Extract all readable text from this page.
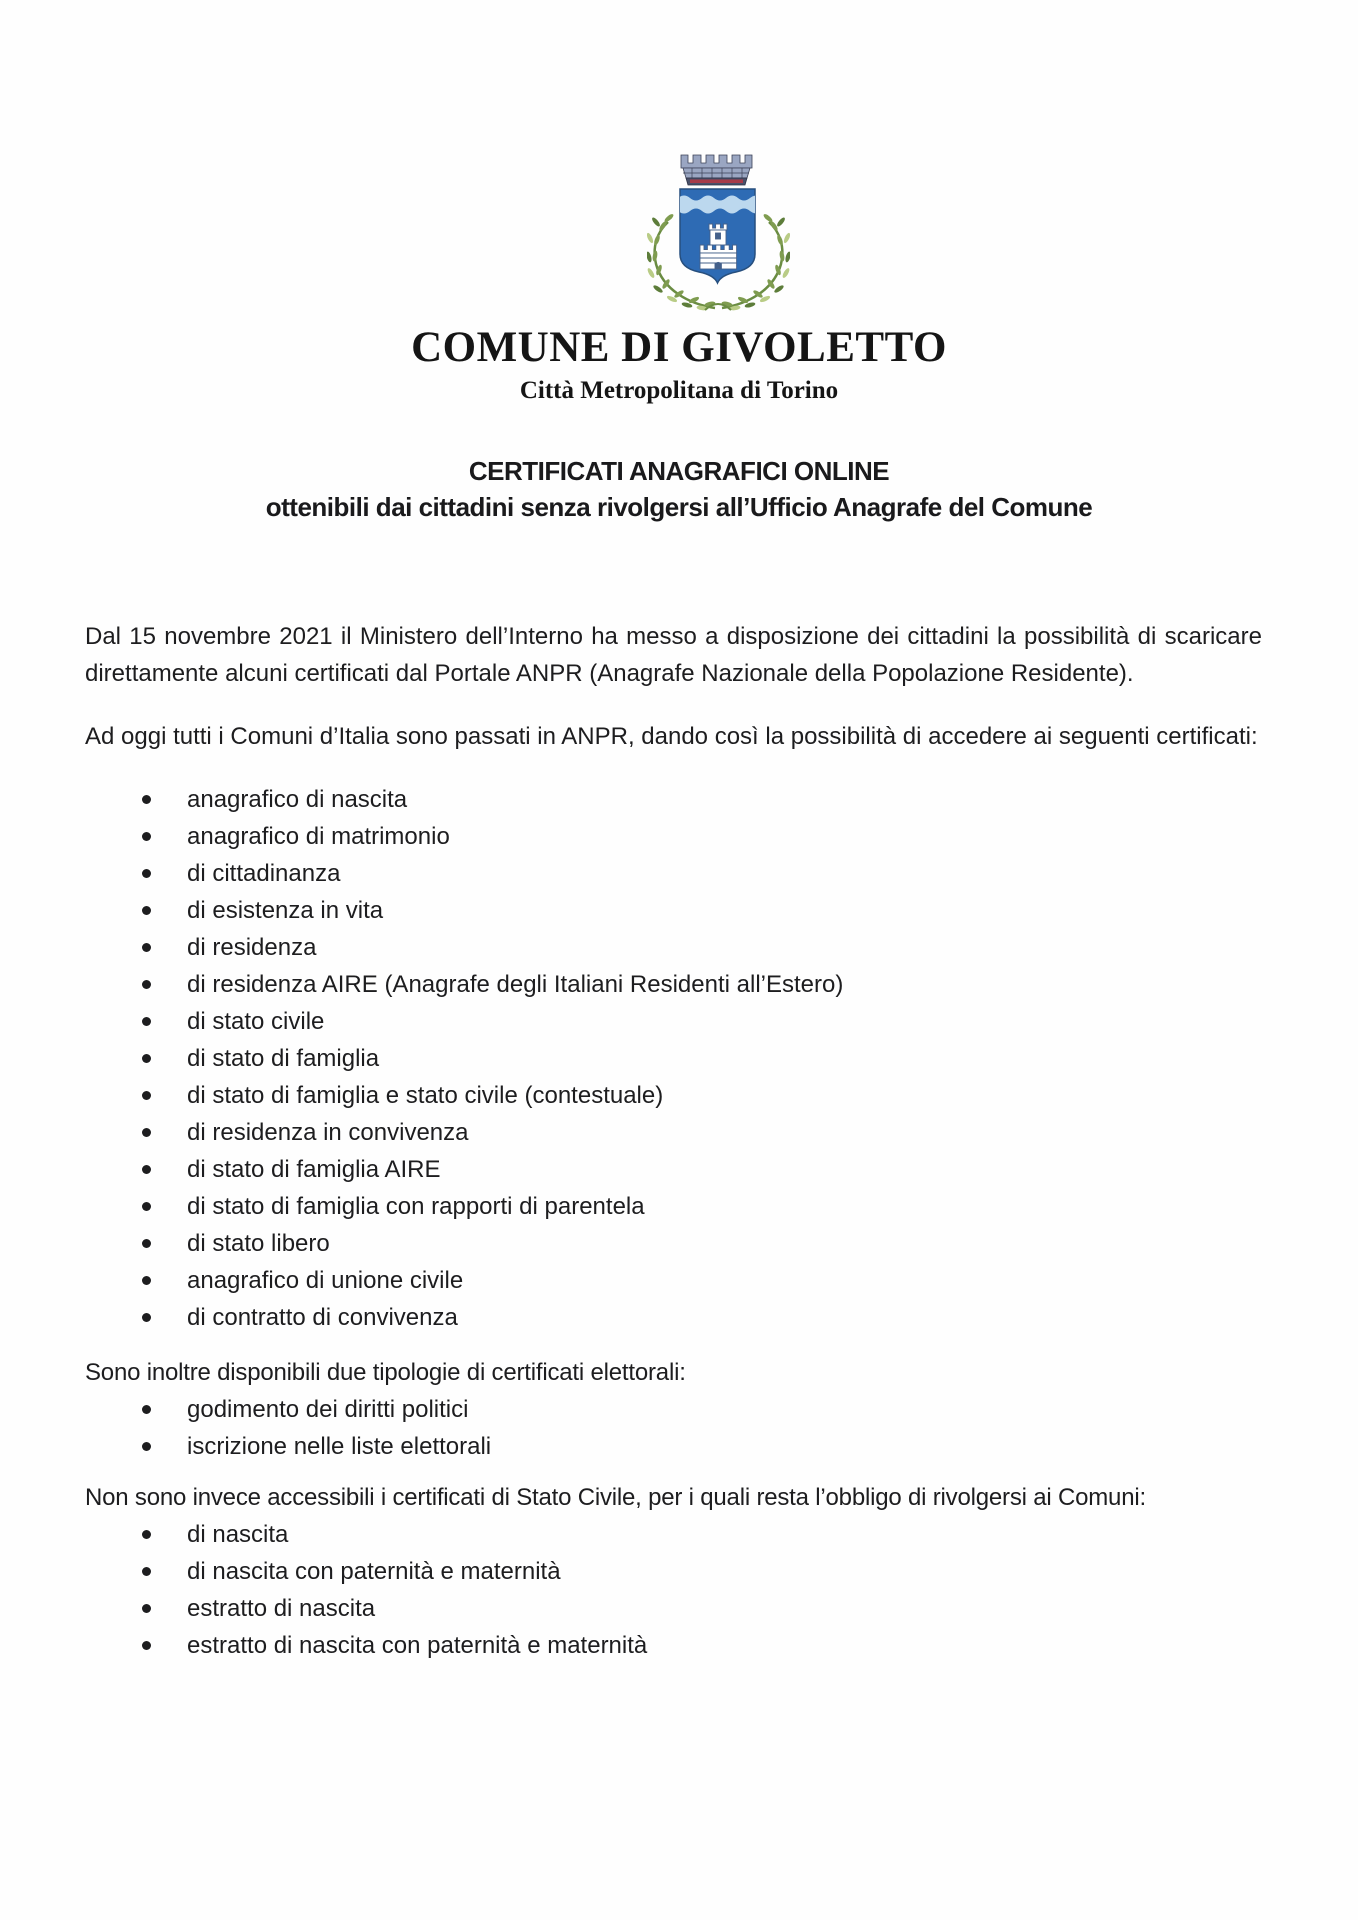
COMUNE DI GIVOLETTO
Città Metropolitana di Torino
CERTIFICATI ANAGRAFICI ONLINE
ottenibili dai cittadini senza rivolgersi all’Ufficio Anagrafe del Comune

Dal 15 novembre 2021 il Ministero dell’Interno ha messo a disposizione dei cittadini la possibilità di scaricare direttamente alcuni certificati dal Portale ANPR (Anagrafe Nazionale della Popolazione Residente).

Ad oggi tutti i Comuni d’Italia sono passati in ANPR, dando così la possibilità di accedere ai seguenti certificati:

anagrafico di nascita
anagrafico di matrimonio
di cittadinanza
di esistenza in vita
di residenza
di residenza AIRE (Anagrafe degli Italiani Residenti all’Estero)
di stato civile
di stato di famiglia
di stato di famiglia e stato civile (contestuale)
di residenza in convivenza
di stato di famiglia AIRE
di stato di famiglia con rapporti di parentela
di stato libero
anagrafico di unione civile
di contratto di convivenza

Sono inoltre disponibili due tipologie di certificati elettorali:

godimento dei diritti politici
iscrizione nelle liste elettorali

Non sono invece accessibili i certificati di Stato Civile, per i quali resta l’obbligo di rivolgersi ai Comuni:

di nascita
di nascita con paternità e maternità
estratto di nascita
estratto di nascita con paternità e maternità
